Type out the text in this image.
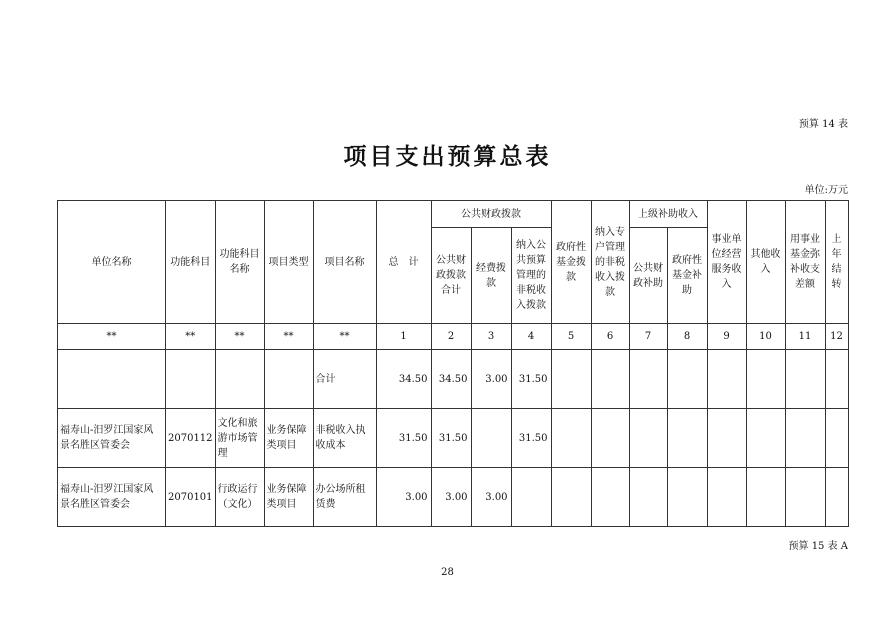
预算 14 表
项目支出预算总表
单位:万元
单位名称	功能科目	功能科目名称	项目类型	项目名称	总　计	公共财政拨款			政府性基金拨款	纳入专户管理的非税收入拨款	上级补助收入		事业单位经营服务收入	其他收入	用事业基金弥补收支差额	上年结转
						公共财政拨款合计	经费拨款	纳入公共预算管理的非税收入拨款			公共财政补助	政府性基金补助				
**	**	**	**	**	1	2	3	4	5	6	7	8	9	10	11	12
				合计	34.50	34.50	3.00	31.50								
福寿山-汨罗江国家风景名胜区管委会	2070112	文化和旅游市场管理	业务保障类项目	非税收入执收成本	31.50	31.50		31.50								
福寿山-汨罗江国家风景名胜区管委会	2070101	行政运行（文化）	业务保障类项目	办公场所租赁费	3.00	3.00	3.00									
预算 15 表 A
28
